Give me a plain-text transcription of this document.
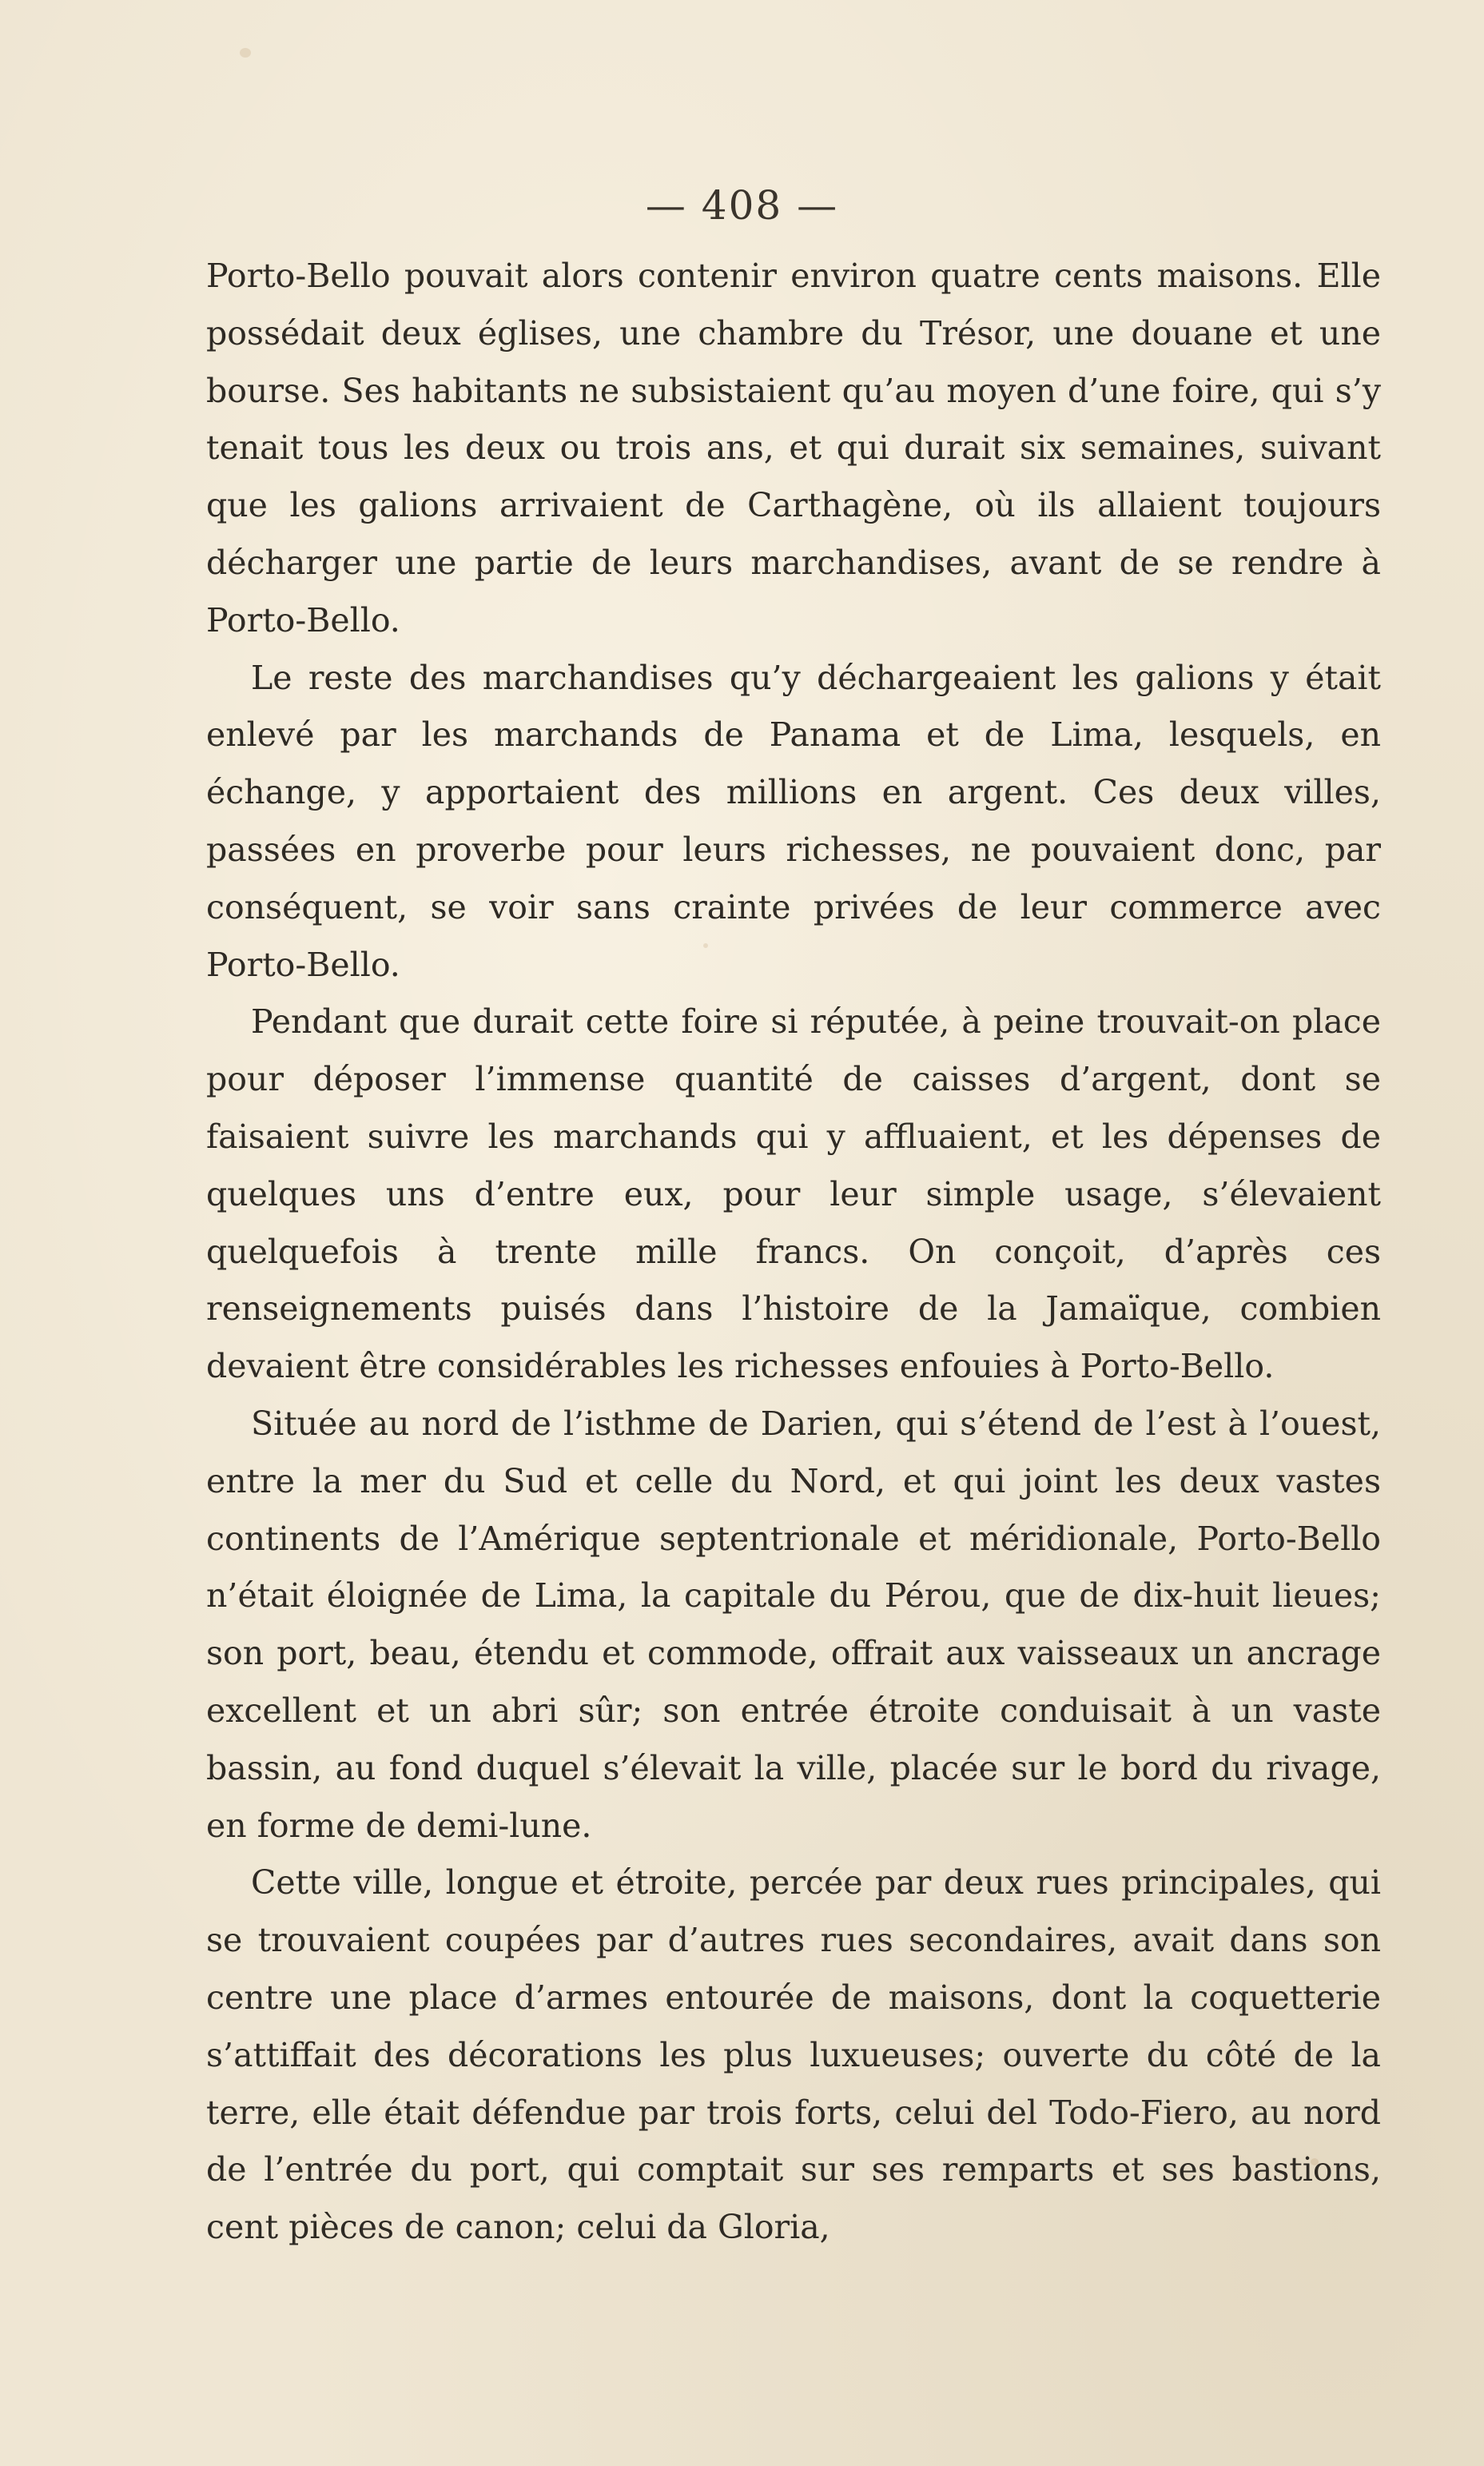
— 408 —

Porto-Bello pouvait alors contenir environ quatre cents maisons. Elle possédait deux églises, une chambre du Trésor, une douane et une bourse. Ses habitants ne subsistaient qu’au moyen d’une foire, qui s’y tenait tous les deux ou trois ans, et qui durait six semaines, suivant que les galions arrivaient de Carthagène, où ils allaient toujours décharger une partie de leurs marchandises, avant de se rendre à Porto-Bello.

Le reste des marchandises qu’y déchargeaient les galions y était enlevé par les marchands de Panama et de Lima, lesquels, en échange, y apportaient des millions en argent. Ces deux villes, passées en proverbe pour leurs richesses, ne pouvaient donc, par conséquent, se voir sans crainte privées de leur commerce avec Porto-Bello.

Pendant que durait cette foire si réputée, à peine trouvait-on place pour déposer l’immense quantité de caisses d’argent, dont se faisaient suivre les marchands qui y affluaient, et les dépenses de quelques uns d’entre eux, pour leur simple usage, s’élevaient quelquefois à trente mille francs. On conçoit, d’après ces renseignements puisés dans l’histoire de la Jamaïque, combien devaient être considérables les richesses enfouies à Porto-Bello.

Située au nord de l’isthme de Darien, qui s’étend de l’est à l’ouest, entre la mer du Sud et celle du Nord, et qui joint les deux vastes continents de l’Amérique septentrionale et méridionale, Porto-Bello n’était éloignée de Lima, la capitale du Pérou, que de dix-huit lieues; son port, beau, étendu et commode, offrait aux vaisseaux un ancrage excellent et un abri sûr; son entrée étroite conduisait à un vaste bassin, au fond duquel s’élevait la ville, placée sur le bord du rivage, en forme de demi-lune.

Cette ville, longue et étroite, percée par deux rues principales, qui se trouvaient coupées par d’autres rues secondaires, avait dans son centre une place d’armes entourée de maisons, dont la coquetterie s’attiffait des décorations les plus luxueuses; ouverte du côté de la terre, elle était défendue par trois forts, celui del Todo-Fiero, au nord de l’entrée du port, qui comptait sur ses remparts et ses bastions, cent pièces de canon; celui da Gloria,
